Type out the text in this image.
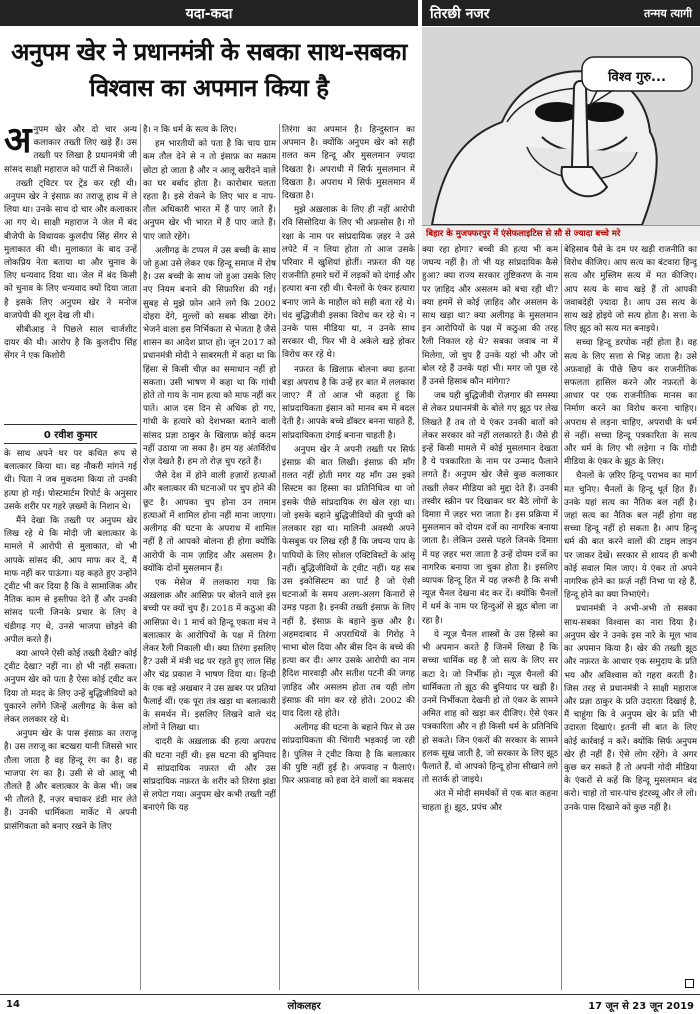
यदा-कदा	तिरछी नजर	तन्मय त्यागी
अनुपम खेर ने प्रधानमंत्री के सबका साथ-सबका विश्वास का अपमान किया है	विश्व गुरु...
बिहार के मुजफ्फरपुर में एंसेफलाइटिस से सौ से ज्यादा बच्चे मरे

अनुपम खेर और दो चार अन्य कलाकार तख्ती लिए खड़े हैं। उस तख्ती पर लिखा है प्रधानमंत्री जी सांसद साक्षी महाराज को पार्टी से निकालें।

तख्ती ट्विटर पर ट्रेंड कर रही थी। अनुपम खेर ने इंसाफ़ का तराज़ू हाथ में ले लिया था। उनके साथ दो चार और कलाकार आ गए थे। साक्षी महाराज ने जेल में बंद बीजेपी के विधायक कुलदीप सिंह सेंगर से मुलाकात की थी। मुलाकात के बाद उन्हें लोकप्रिय नेता बताया था और चुनाव के लिए धन्यवाद दिया था। जेल में बंद किसी को चुनाव के लिए धन्यवाद क्यों दिया जाता है इसके लिए अनुपम खेर ने मनोज वाजपेयी की शूल देख ली थी।

सीबीआइ ने पिछले साल चार्जशीट दायर की थी। आरोप है कि कुलदीप सिंह सेंगर ने एक किशोरी

0 रवीश कुमार

के साथ अपने घर पर कथित रूप से बलात्कार किया था। वह नौकरी मांगने गई थी। पिता ने जब मुकदमा किया तो उनकी हत्या हो गई। पोस्टमार्टम रिपोर्ट के अनुसार उसके शरीर पर गहरे ज़ख्मों के निशान थे।

मैंने देखा कि तख्ती पर अनुपम खेर लिख रहे थे कि मोदी जी बलात्कार के मामले में आरोपी से मुलाकात, वो भी आपके सांसद की, आप माफ कर दें, मैं माफ नहीं कर पाऊंगा। यह कहते हुए उन्होंने ट्वीट भी कर दिया है कि वे सामाजिक और नैतिक काम से इस्तीफा देते हैं और उनकी सांसद पत्नी जिनके प्रचार के लिए वे चंडीगढ़ गए थे, उनसे भाजपा छोड़ने की अपील करते हैं।

क्या आपने ऐसी कोई तख्ती देखी? कोई ट्वीट देखा? नहीं ना। हो भी नहीं सकता। अनुपम खेर को पता है ऐसा कोई ट्वीट कर दिया तो मदद के लिए उन्हें बुद्धिजीवियों को पुकारने लगेंगे जिन्हें अलीगढ़ के केस को लेकर ललकार रहे थे।

अनुपम खेर के पास इंसाफ़ का तराजू है। उस तराजू का बटखरा यानी जिससे भार तौला जाता है वह हिन्दू रंग का है। वह भाजपा रंग का है। उसी से वो आलू भी तौलते हैं और बलात्कार के केस भी। जब भी तौलते हैं, नज़र बचाकर डंडी मार लेते हैं। उनकी धार्मिकता मार्केट में अपनी प्रासंगिकता को बनाए रखने के लिए

है। न कि धर्म के सत्य के लिए।

हम भारतीयों को पता है कि चाय ग्राम कम तौल देने से न तो इंसाफ़ का मक़ाम छोटा हो जाता है और न आलू खरीदने वाले का घर बर्बाद होता है। कारोबार चलता रहता है। इसे रोकने के लिए भार व नाप-तौल अधिकारी भारत में हैं पाए जाते हैं। अनुपम खेर भी भारत में हैं पाए जाते हैं। पाए जाते रहेंगे।

अलीगढ़ के टप्पल में उस बच्ची के साथ जो हुआ उसे लेकर एक हिन्दू समाज में रोष है। उस बच्ची के साथ जो हुआ उसके लिए नए नियम बनाने की सिफ़ारिश की गई। सुबह से मुझे फ़ोन आने लगे कि 2002 दोहरा देंगे, मुल्लों को सबक सीखा देंगे। भेजने वाला इस निर्भिकता से भेजता है जैसे शासन का आदेश प्राप्त हो। जून 2017 को प्रधानमंत्री मोदी ने साबरमती में कहा था कि हिंसा से किसी चीज़ का समाधान नहीं हो सकता। उसी भाषण में कहा था कि गांधी होते तो गाय के नाम हत्या को माफ नहीं कर पाते। आज दस दिन से अधिक हो गए, गांधी के हत्यारे को देशभक्त बताने वाली सांसद प्रज्ञा ठाकुर के खिलाफ़ कोई कदम नहीं उठाया जा सका है। हम यह अंतर्विरोध रोज़ देखते हैं। हम तो रोज़ चुप रहते हैं।

जैसे देश में होने वाली हज़ारों हत्याओं और बलात्कार की घटनाओं पर चुप होने की छूट है। आपका चुप होना उन तमाम हत्याओं में शामिल होना नहीं माना जाएगा। अलीगढ़ की घटना के अपराध में शामिल नहीं है तो आपको बोलना ही होगा क्योंकि आरोपी के नाम ज़ाहिद और असलम है। क्योंकि दोनों मुसलमान हैं।

एक मेसेज में ललकारा गया कि अख़लाक़ और आसिफ़ पर बोलने वाले इस बच्ची पर क्यों चुप हैं। 2018 में कठुआ की आसिफ़ा थे। 1 मार्च को हिन्दू एकता मंच ने बलात्कार के आरोपियों के पक्ष में तिरंगा लेकर रैली निकाली थी। क्या तिरंगा इसलिए है? उसी में मंत्री चद्र पर रहते हुए लाल सिंह और चंद्र प्रकाश ने भाषण दिया था। हिन्दी के एक बड़े अखबार ने उस ख़बर पर प्रतियां फैलाई थीं। एक पूरा तंत्र खड़ा था बलात्कारी के समर्थन में। इसलिए लिखने वाले चंद लोगों ने लिखा था।

दादरी के अख़लाक़ की हत्या अपराध की घटना नहीं थी। इस घटना की बुनियाद में सांप्रदायिक नफ़रत थी और उस सांप्रदायिक नफ़रत के शरीर को तिरंगा झंडा से लपेटा गया। अनुपम खेर कभी तख्ती नहीं बनाएंगे कि यह

तिरंगा का अपमान है। हिन्दुस्तान का अपमान है। क्योंकि अनुपम खेर को सही ग़लत कम हिन्दू और मुसलमान ज़्यादा दिखता है। अपराधी में सिर्फ मुसलमान में दिखता है। अपराध में सिर्फ मुसलमान में दिखता है।

मुझे अख़लाक़ के लिए ही नहीं आरोपी रवि सिसोदिया के लिए भी अफ़सोस है। गो रक्षा के नाम पर सांप्रदायिक ज़हर ने उसे लपेटे में न लिया होता तो आज उसके परिवार में खुशियां होतीं। नफ़रत की यह राजनीति हमारे घरों में लड़कों को दंगाई और हत्यारा बना रही थी। चैनलों के एंकर हत्यारा बनाए जाने के माहौल को सही बता रहे थे। चंद बुद्धिजीवी इसका विरोध कर रहे थे। न उनके पास मीडिया था, न उनके साथ सरकार थी, फिर भी वे अकेले खड़े होकर विरोध कर रहे थे।

नफ़रत के ख़िलाफ़ बोलना क्या इतना बड़ा अपराध है कि उन्हें हर बात में ललकारा जाए? मैं तो आज भी कहता हूं कि सांप्रदायिकता इंसान को मानव बम में बदल देती है। आपके बच्चे डॉक्टर बनना चाहते हैं, सांप्रदायिकता दंगाई बनाना चाहती है।

अनुपम खेर ने अपनी तख्ती पर सिर्फ इंसाफ़ की बात लिखी। इंसाफ़ की माँग ग़लत नहीं होती मगर यह माँग उस इको सिस्टम का हिस्सा का प्रतिनिधित्व था जो इसके पीछे सांप्रदायिक रंग खेल रहा था। जो इसके बहाने बुद्धिजीवियों की चुप्पी को ललकार रहा था। मालिनी अवस्थी अपने फेसबुक पर लिख रही हैं कि जघन्य पाप के पापियों के लिए सोशल एक्टिविस्टों के आंसू नहीं। बुद्धिजीवियों के ट्वीट नहीं। यह सब उस इकोसिस्टम का पार्ट है जो ऐसी घटनाओं के समय अलग-अलग किनारों से उमड़ पड़ता है। इनकी तख्ती इंसाफ़ के लिए नहीं है, इंसाफ़ के बहाने कुछ और है। अहमदाबाद में अपराधियों के गिरोह ने भाभा बोल दिया और बीस दिन के बच्चे की हत्या कर दी। अगर उसके आरोपी का नाम हैदिश मारवाड़ी और सतीश पटनी की जगह ज़ाहिद और असलम होता तब यही लोग इंसाफ़ की मांग कर रहे होते। 2002 की याद दिला रहे होते।

अलीगढ़ की घटना के बहाने फिर से उस सांप्रदायिकता की चिंगारी भड़काई जा रही है। पुलिस ने ट्वीट किया है कि बलात्कार की पुष्टि नहीं हुई है। अफवाह न फैलाएं। फिर अफ़वाह को हवा देने वालों का मकसद

क्या रहा होगा? बच्ची की हत्या भी कम जघन्य नहीं है। तो भी यह सांप्रदायिक कैसे हुआ? क्या राज्य सरकार तुष्टिकरण के नाम पर ज़ाहिद और असलम को बचा रही थी? क्या हममें से कोई ज़ाहिद और असलम के साथ खड़ा था? क्या अलीगढ़ के मुसलमान इन आरोपियों के पक्ष में कठुआ की तरह रैली निकाल रहे थे? सबका जवाब ना में मिलेगा, जो चुप हैं उनके यहां भी और जो बोल रहे हैं उनके यहां भी। मगर जो पूछ रहे हैं उनसे हिसाब कौन मांगेगा?

जब यही बुद्धिजीवी रोज़गार की समस्या से लेकर प्रधानमंत्री के बोले गए झूठ पर लेख लिखते हैं तब तो ये एंकर उनकी बातों को लेकर सरकार को नहीं ललकारते हैं। जैसे ही इन्हें किसी मामले में कोई मुसलमान देखता है ये पत्रकारिता के नाम पर उन्माद फैलाने लगते हैं। अनुपम खेर जैसे कुछ कलाकार तख्ती लेकर मीडिया को मुद्दा देते हैं। उनकी तस्वीर स्क्रीन पर दिखाकर घर बैठे लोगों के दिमाग़ में ज़हर भरा जाता है। इस प्रक्रिया में मुसलमान को दोयम दर्जे का नागरिक बनाया जाता है। लेकिन उससे पहले जिनके दिमाग़ में यह ज़हर भरा जाता है उन्हें दोयम दर्जे का नागरिक बनाया जा चुका होता है। इसलिए व्यापक हिन्दू हित में यह ज़रूरी है कि सभी न्यूज़ चैनल देखना बंद कर दें। क्योंकि चैनलों में धर्म के नाम पर हिन्दुओं से झूठ बोला जा रहा है।

ये न्यूज़ चैनल शास्त्रों के उस हिस्से का भी अपमान करते हैं जिनमें लिखा है कि सच्चा धार्मिक वह है जो सत्य के लिए सर कटा दे। जो निर्भीक हो। न्यूज़ चैनलों की धार्मिकता तो झूठ की बुनियाद पर खड़ी है। उनमें निर्भीकता देखनी हो तो एंकर के सामने अमित शाह को खड़ा कर दीजिए। ऐसे एंकर पत्रकारिता और न ही किसी धर्म के प्रतिनिधि हो सकते। जिन एंकरों की सरकार के सामने हलक सूख जाती है, जो सरकार के लिए झूठ फैलाते हैं, वो आपको हिन्दू होना सीखाने लगे तो सतर्क हो जाइये।

अंत में मोदी समर्थकों से एक बात कहना चाहता हूं। झूठ, प्रपंच और

बेहिसाब पैसे के दम पर खड़ी राजनीति का विरोध कीजिए। आप सत्य का बंटवारा हिन्दू सत्य और मुस्लिम सत्य में मत कीजिए। आप सत्य के साथ खड़े हैं तो आपकी जवाबदेही ज़्यादा है। आप उस सत्य के साथ खड़े होइये जो सत्य होता है। सत्ता के लिए झूठ को सत्य मत बनाइये।

सच्चा हिन्दू डरपोक नहीं होता है। वह सत्य के लिए सत्ता से भिड़ जाता है। उसे अफ़वाहों के पीछे छिप कर राजनीतिक सफलता हासिल करने और नफ़रतों के आधार पर एक राजनीतिक मानस का निर्माण करने का विरोध करना चाहिए। अपराध से लड़ना चाहिए, अपराधी के धर्म से नहीं। सच्चा हिन्दू पत्रकारिता के सत्य और धर्म के लिए भी लड़ेगा न कि गोदी मीडिया के एंकर के झूठ के लिए।

चैनलों के ज़रिए हिन्दू पराभव का मार्ग मत चुनिए। चैनलों के हिन्दू धूर्त हित हैं। उनके यहां सत्य का नैतिक बल नहीं है। जहां सत्य का नैतिक बल नहीं होगा वह सच्चा हिन्दू नहीं हो सकता है। आप हिन्दू धर्म की बात करने वालों की टाइम लाइन पर जाकर देखें। सरकार से शायद ही कभी कोई सवाल मिल जाए। ये एंकर तो अपने नागरिक होने का फ़र्ज़ नहीं निभा पा रहे हैं, हिन्दू होने का क्या निभाएंगे।

प्रधानमंत्री ने अभी-अभी तो सबका साथ-सबका विश्वास का नारा दिया है। अनुपम खेर ने उनके इस नारे के मूल भाव का अपमान किया है। खेर की तख्ती झूठ और नफ़रत के आधार एक समुदाय के प्रति भय और अविश्वास को गहरा करती है। जिस तरह से प्रधानमंत्री ने साक्षी महाराज और प्रज्ञा ठाकुर के प्रति उदारता दिखाई है, मैं चाहूंगा कि वे अनुपम खेर के प्रति भी उदारता दिखाएं। इतनी सी बात के लिए कोई कार्रवाई न करें। क्योंकि सिर्फ अनुपम खेर ही नहीं हैं। ऐसे लोग रहेंगे। वे अगर कुछ कर सकते हैं तो अपनी गोदी मीडिया के एंकरों से कहें कि हिन्दू मुसलमान बंद करो। चाहो तो चार-पांच इंटरव्यू और ले लो। उनके पास दिखाने को कुछ नहीं है।

14	लोकलहर	17 जून से 23 जून 2019
